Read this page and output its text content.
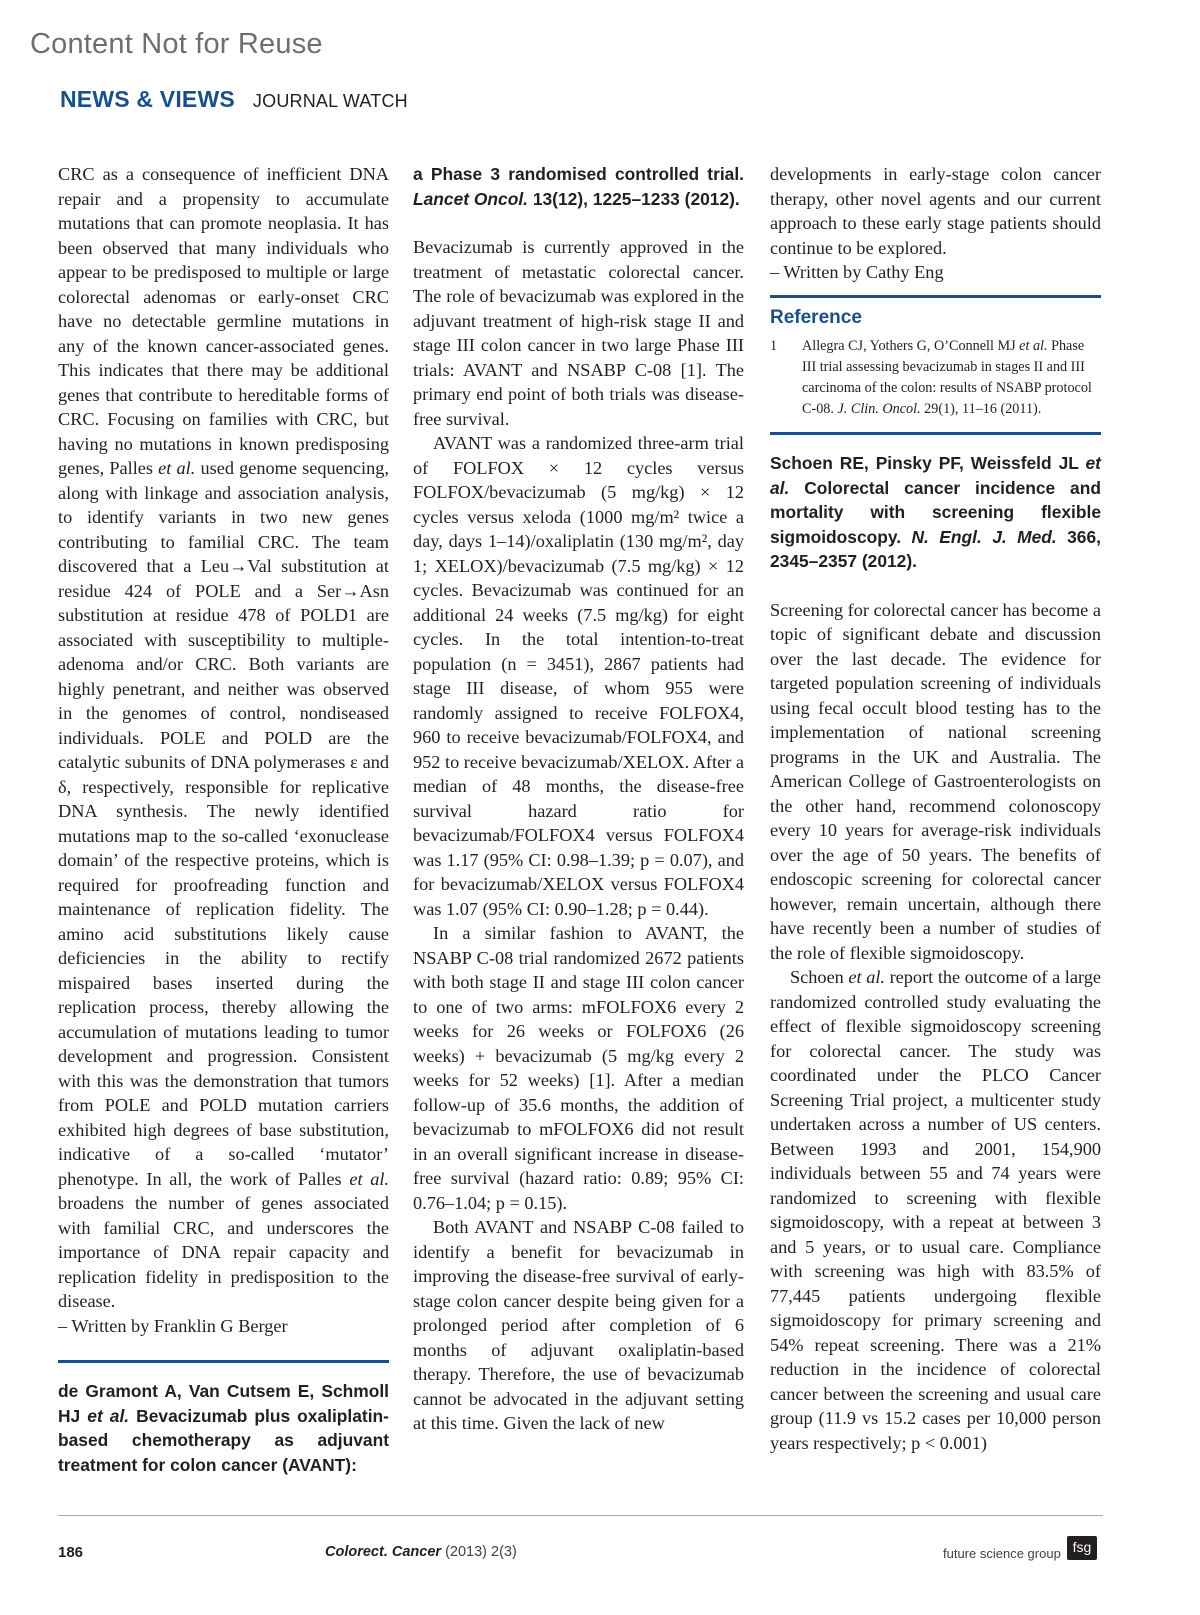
Content Not for Reuse
NEWS & VIEWS JOURNAL WATCH

CRC as a consequence of inefficient DNA repair and a propensity to accumulate mutations that can promote neoplasia. It has been observed that many individuals who appear to be predisposed to multiple or large colorectal adenomas or early-onset CRC have no detectable germline mutations in any of the known cancer-associated genes. This indicates that there may be additional genes that contribute to hereditable forms of CRC. Focusing on families with CRC, but having no mutations in known predisposing genes, Palles et al. used genome sequencing, along with linkage and association analysis, to identify variants in two new genes contributing to familial CRC. The team discovered that a Leu→Val substitution at residue 424 of POLE and a Ser→Asn substitution at residue 478 of POLD1 are associated with susceptibility to multiple-adenoma and/or CRC. Both variants are highly penetrant, and neither was observed in the genomes of control, nondiseased individuals. POLE and POLD are the catalytic subunits of DNA polymerases ε and δ, respectively, responsible for replicative DNA synthesis. The newly identified mutations map to the so-called ‘exonuclease domain’ of the respective proteins, which is required for proofreading function and maintenance of replication fidelity. The amino acid substitutions likely cause deficiencies in the ability to rectify mispaired bases inserted during the replication process, thereby allowing the accumulation of mutations leading to tumor development and progression. Consistent with this was the demonstration that tumors from POLE and POLD mutation carriers exhibited high degrees of base substitution, indicative of a so-called ‘mutator’ phenotype. In all, the work of Palles et al. broadens the number of genes associated with familial CRC, and underscores the importance of DNA repair capacity and replication fidelity in predisposition to the disease.

– Written by Franklin G Berger

de Gramont A, Van Cutsem E, Schmoll HJ et al. Bevacizumab plus oxaliplatin-based chemotherapy as adjuvant treatment for colon cancer (AVANT):

a Phase 3 randomised controlled trial. Lancet Oncol. 13(12), 1225–1233 (2012).

Bevacizumab is currently approved in the treatment of metastatic colorectal cancer. The role of bevacizumab was explored in the adjuvant treatment of high-risk stage II and stage III colon cancer in two large Phase III trials: AVANT and NSABP C-08 [1]. The primary end point of both trials was disease-free survival.

AVANT was a randomized three-arm trial of FOLFOX × 12 cycles versus FOLFOX/bevacizumab (5 mg/kg) × 12 cycles versus xeloda (1000 mg/m² twice a day, days 1–14)/oxaliplatin (130 mg/m², day 1; XELOX)/bevacizumab (7.5 mg/kg) × 12 cycles. Bevacizumab was continued for an additional 24 weeks (7.5 mg/kg) for eight cycles. In the total intention-to-treat population (n = 3451), 2867 patients had stage III disease, of whom 955 were randomly assigned to receive FOLFOX4, 960 to receive bevacizumab/FOLFOX4, and 952 to receive bevacizumab/XELOX. After a median of 48 months, the disease-free survival hazard ratio for bevacizumab/FOLFOX4 versus FOLFOX4 was 1.17 (95% CI: 0.98–1.39; p = 0.07), and for bevacizumab/XELOX versus FOLFOX4 was 1.07 (95% CI: 0.90–1.28; p = 0.44).

In a similar fashion to AVANT, the NSABP C-08 trial randomized 2672 patients with both stage II and stage III colon cancer to one of two arms: mFOLFOX6 every 2 weeks for 26 weeks or FOLFOX6 (26 weeks) + bevacizumab (5 mg/kg every 2 weeks for 52 weeks) [1]. After a median follow-up of 35.6 months, the addition of bevacizumab to mFOLFOX6 did not result in an overall significant increase in disease-free survival (hazard ratio: 0.89; 95% CI: 0.76–1.04; p = 0.15).

Both AVANT and NSABP C-08 failed to identify a benefit for bevacizumab in improving the disease-free survival of early-stage colon cancer despite being given for a prolonged period after completion of 6 months of adjuvant oxaliplatin-based therapy. Therefore, the use of bevacizumab cannot be advocated in the adjuvant setting at this time. Given the lack of new

developments in early-stage colon cancer therapy, other novel agents and our current approach to these early stage patients should continue to be explored.

– Written by Cathy Eng

Reference
1	Allegra CJ, Yothers G, O’Connell MJ et al. Phase III trial assessing bevacizumab in stages II and III carcinoma of the colon: results of NSABP protocol C-08. J. Clin. Oncol. 29(1), 11–16 (2011).

Schoen RE, Pinsky PF, Weissfeld JL et al. Colorectal cancer incidence and mortality with screening flexible sigmoidoscopy. N. Engl. J. Med. 366, 2345–2357 (2012).

Screening for colorectal cancer has become a topic of significant debate and discussion over the last decade. The evidence for targeted population screening of individuals using fecal occult blood testing has to the implementation of national screening programs in the UK and Australia. The American College of Gastroenterologists on the other hand, recommend colonoscopy every 10 years for average-risk individuals over the age of 50 years. The benefits of endoscopic screening for colorectal cancer however, remain uncertain, although there have recently been a number of studies of the role of flexible sigmoidoscopy.

Schoen et al. report the outcome of a large randomized controlled study evaluating the effect of flexible sigmoidoscopy screening for colorectal cancer. The study was coordinated under the PLCO Cancer Screening Trial project, a multicenter study undertaken across a number of US centers. Between 1993 and 2001, 154,900 individuals between 55 and 74 years were randomized to screening with flexible sigmoidoscopy, with a repeat at between 3 and 5 years, or to usual care. Compliance with screening was high with 83.5% of 77,445 patients undergoing flexible sigmoidoscopy for primary screening and 54% repeat screening. There was a 21% reduction in the incidence of colorectal cancer between the screening and usual care group (11.9 vs 15.2 cases per 10,000 person years respectively; p < 0.001)

186	Colorect. Cancer (2013) 2(3)	future science group fsg
